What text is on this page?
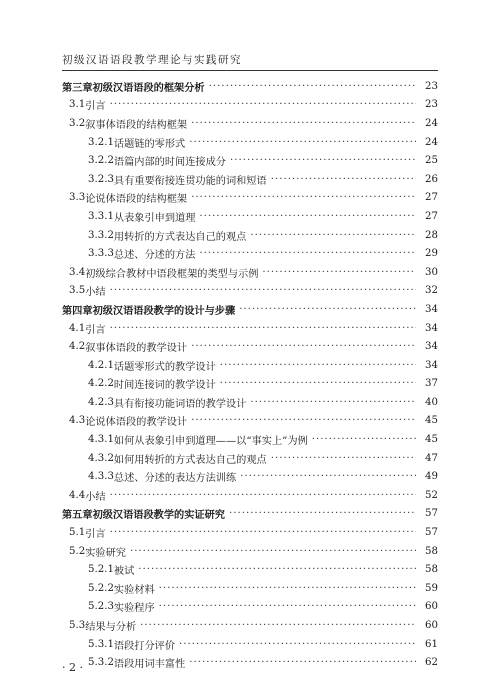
初级汉语语段教学理论与实践研究
第三章 初级汉语语段的框架分析 ·····	23
3.1 引言 ·····	23
3.2 叙事体语段的结构框架 ·····	24
3.2.1 话题链的零形式 ·····	24
3.2.2 语篇内部的时间连接成分 ·····	25
3.2.3 具有重要衔接连贯功能的词和短语 ·····	26
3.3 论说体语段的结构框架 ·····	27
3.3.1 从表象引申到道理 ·····	27
3.3.2 用转折的方式表达自己的观点 ·····	28
3.3.3 总述、分述的方法 ·····	29
3.4 初级综合教材中语段框架的类型与示例 ·····	30
3.5 小结 ·····	32
第四章 初级汉语语段教学的设计与步骤 ·····	34
4.1 引言 ·····	34
4.2 叙事体语段的教学设计 ·····	34
4.2.1 话题零形式的教学设计 ·····	34
4.2.2 时间连接词的教学设计 ·····	37
4.2.3 具有衔接功能词语的教学设计 ·····	40
4.3 论说体语段的教学设计 ·····	45
4.3.1 如何从表象引申到道理——以“事实上”为例 ·····	45
4.3.2 如何用转折的方式表达自己的观点 ·····	47
4.3.3 总述、分述的表达方法训练 ·····	49
4.4 小结 ·····	52
第五章 初级汉语语段教学的实证研究 ·····	57
5.1 引言 ·····	57
5.2 实验研究 ·····	58
5.2.1 被试 ·····	58
5.2.2 实验材料 ·····	59
5.2.3 实验程序 ·····	60
5.3 结果与分析 ·····	60
5.3.1 语段打分评价 ·····	61
5.3.2 语段用词丰富性 ·····	62
· 2 ·
